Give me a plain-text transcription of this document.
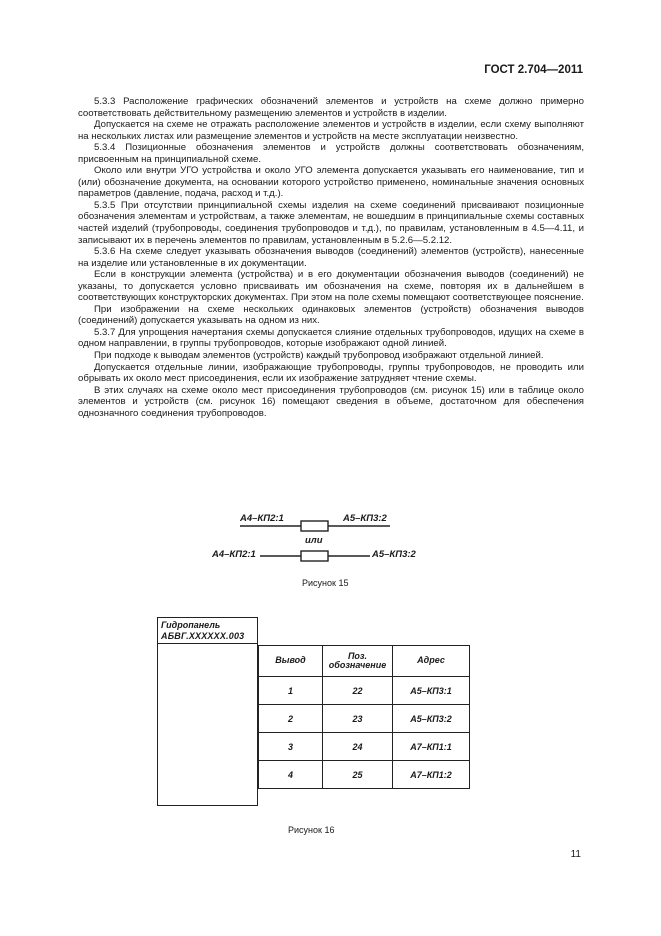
ГОСТ 2.704—2011

5.3.3 Расположение графических обозначений элементов и устройств на схеме должно примерно соответствовать действительному размещению элементов и устройств в изделии.

Допускается на схеме не отражать расположение элементов и устройств в изделии, если схему выполняют на нескольких листах или размещение элементов и устройств на месте эксплуатации неизвестно.

5.3.4 Позиционные обозначения элементов и устройств должны соответствовать обозначениям, присвоенным на принципиальной схеме.

Около или внутри УГО устройства и около УГО элемента допускается указывать его наименование, тип и (или) обозначение документа, на основании которого устройство применено, номинальные значения основных параметров (давление, подача, расход и т.д.).

5.3.5 При отсутствии принципиальной схемы изделия на схеме соединений присваивают позиционные обозначения элементам и устройствам, а также элементам, не вошедшим в принципиальные схемы составных частей изделий (трубопроводы, соединения трубопроводов и т.д.), по правилам, установленным в 4.5—4.11, и записывают их в перечень элементов по правилам, установленным в 5.2.6—5.2.12.

5.3.6 На схеме следует указывать обозначения выводов (соединений) элементов (устройств), нанесенные на изделие или установленные в их документации.

Если в конструкции элемента (устройства) и в его документации обозначения выводов (соединений) не указаны, то допускается условно присваивать им обозначения на схеме, повторяя их в дальнейшем в соответствующих конструкторских документах. При этом на поле схемы помещают соответствующее пояснение.

При изображении на схеме нескольких одинаковых элементов (устройств) обозначения выводов (соединений) допускается указывать на одном из них.

5.3.7 Для упрощения начертания схемы допускается слияние отдельных трубопроводов, идущих на схеме в одном направлении, в группы трубопроводов, которые изображают одной линией.

При подходе к выводам элементов (устройств) каждый трубопровод изображают отдельной линией.

Допускается отдельные линии, изображающие трубопроводы, группы трубопроводов, не проводить или обрывать их около мест присоединения, если их изображение затрудняет чтение схемы.

В этих случаях на схеме около мест присоединения трубопроводов (см. рисунок 15) или в таблице около элементов и устройств (см. рисунок 16) помещают сведения в объеме, достаточном для обеспечения однозначного соединения трубопроводов.

A4–КП2:1	A5–КП3:2
или
A4–КП2:1	A5–КП3:2
Рисунок 15
Гидропанель
АБВГ.XXXXXX.003
Вывод	Поз. обозначение	Адрес
1	22	A5–КП3:1
2	23	A5–КП3:2
3	24	A7–КП1:1
4	25	A7–КП1:2
Рисунок 16
11
